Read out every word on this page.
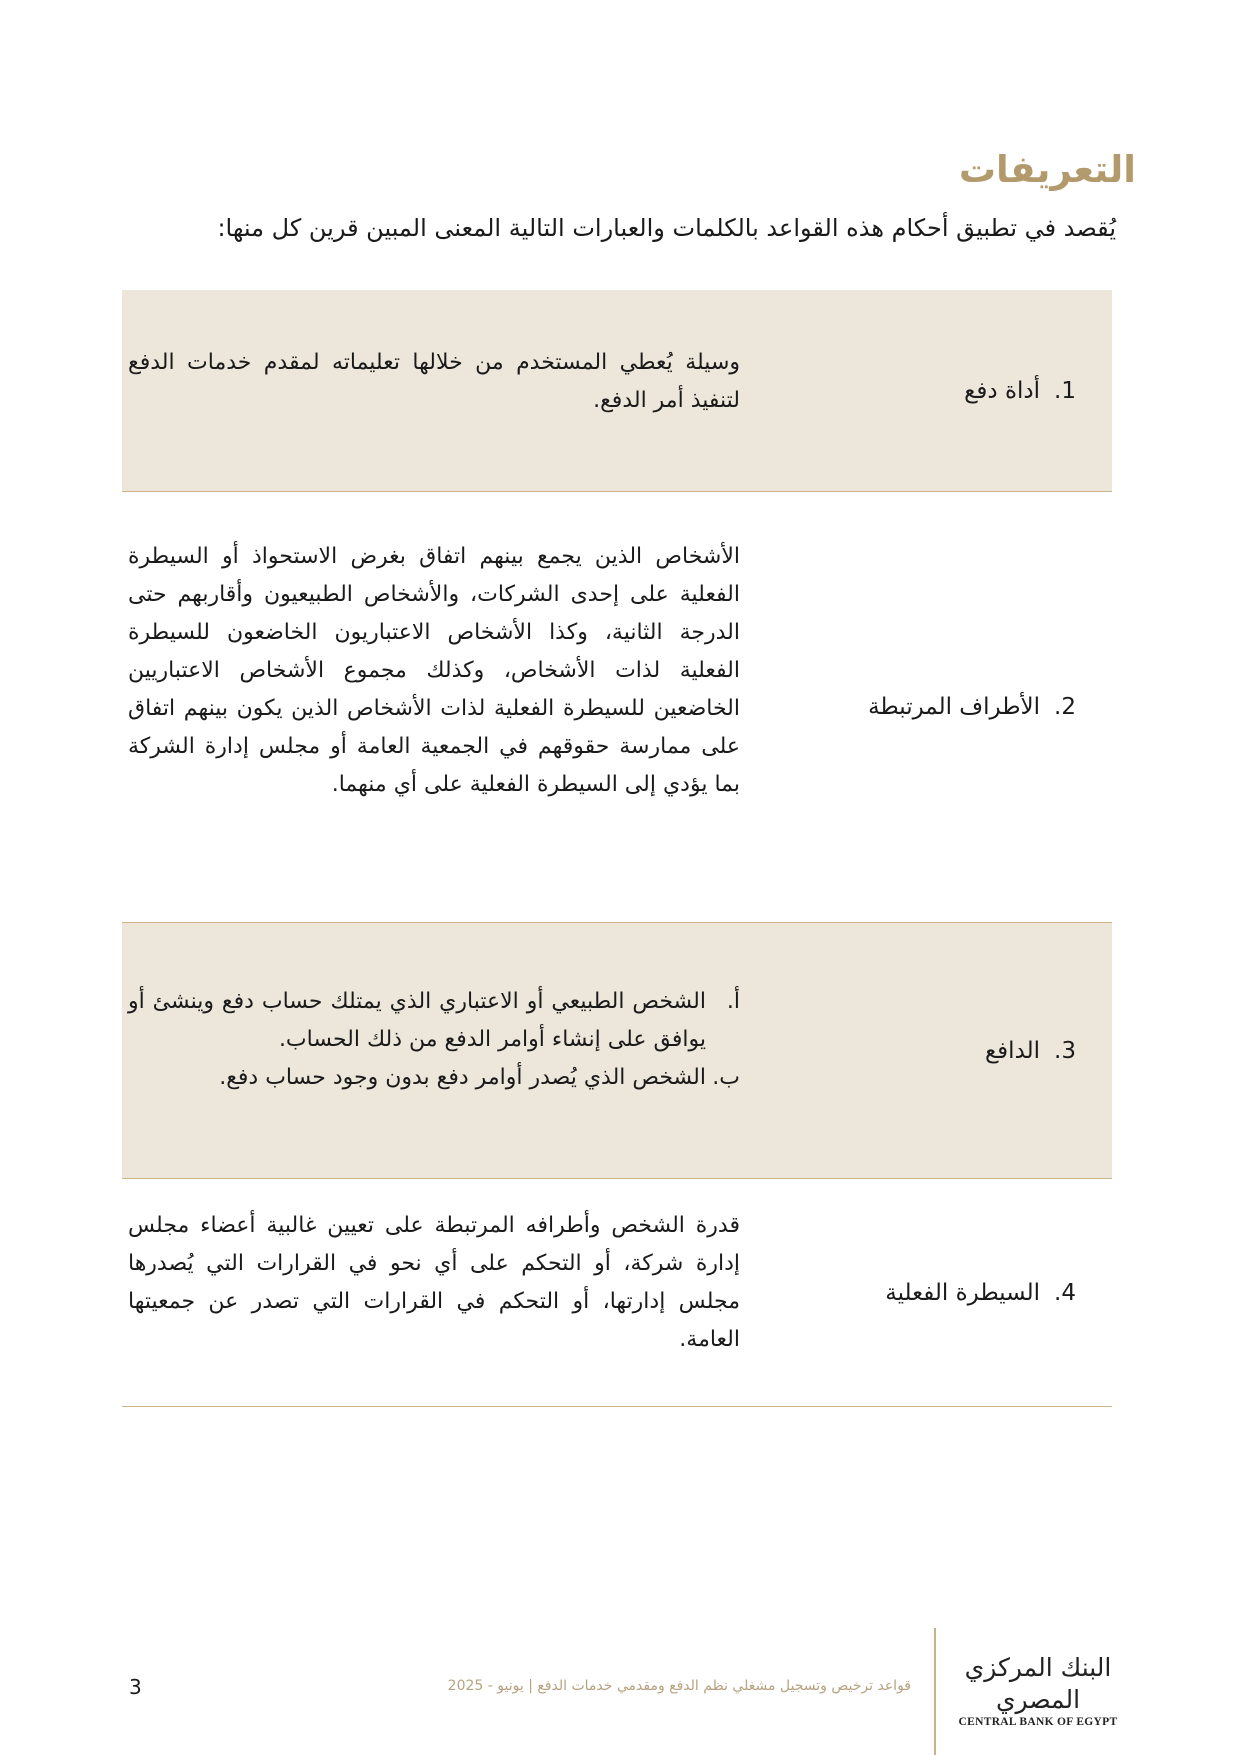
التعريفات

يُقصد في تطبيق أحكام هذه القواعد بالكلمات والعبارات التالية المعنى المبين قرين كل منها:

1.
أداة دفع
وسيلة يُعطي المستخدم من خلالها تعليماته لمقدم خدمات الدفع لتنفيذ أمر الدفع.
2.
الأطراف المرتبطة
الأشخاص الذين يجمع بينهم اتفاق بغرض الاستحواذ أو السيطرة الفعلية على إحدى الشركات، والأشخاص الطبيعيون وأقاربهم حتى الدرجة الثانية، وكذا الأشخاص الاعتباريون الخاضعون للسيطرة الفعلية لذات الأشخاص، وكذلك مجموع الأشخاص الاعتباريين الخاضعين للسيطرة الفعلية لذات الأشخاص الذين يكون بينهم اتفاق على ممارسة حقوقهم في الجمعية العامة أو مجلس إدارة الشركة بما يؤدي إلى السيطرة الفعلية على أي منهما.
3.
الدافع
أ.
الشخص الطبيعي أو الاعتباري الذي يمتلك حساب دفع وينشئ أو يوافق على إنشاء أوامر الدفع من ذلك الحساب.
ب.
الشخص الذي يُصدر أوامر دفع بدون وجود حساب دفع.
4.
السيطرة الفعلية
قدرة الشخص وأطرافه المرتبطة على تعيين غالبية أعضاء مجلس إدارة شركة، أو التحكم على أي نحو في القرارات التي يُصدرها مجلس إدارتها، أو التحكم في القرارات التي تصدر عن جمعيتها العامة.
3	قواعد ترخيص وتسجيل مشغلي نظم الدفع ومقدمي خدمات الدفع | يونيو - 2025
البنك المركزي المصري
CENTRAL BANK OF EGYPT
